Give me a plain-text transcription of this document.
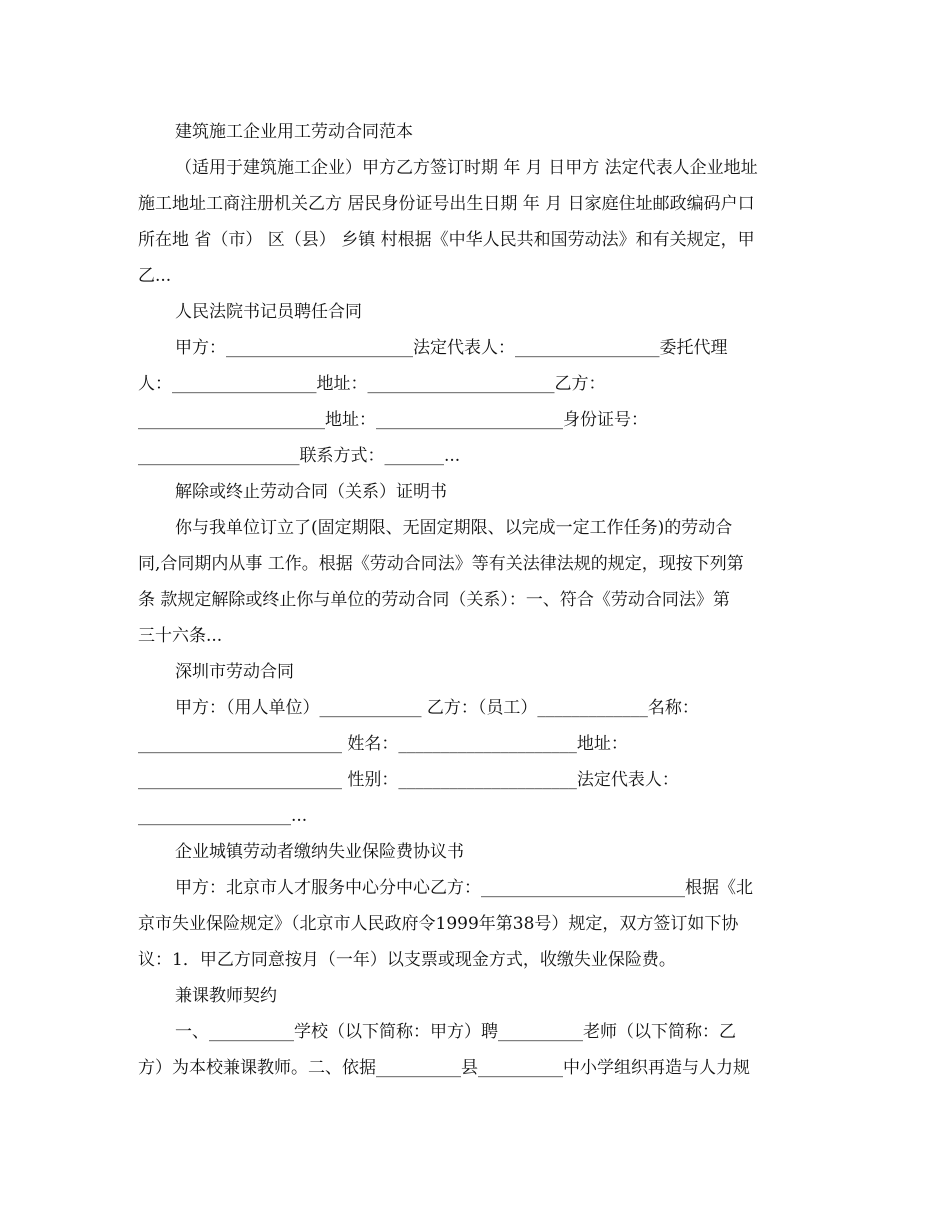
建筑施工企业用工劳动合同范本

（适用于建筑施工企业）甲方乙方签订时期 年 月 日甲方 法定代表人企业地址
施工地址工商注册机关乙方 居民身份证号出生日期 年 月 日家庭住址邮政编码户口
所在地 省（市） 区（县） 乡镇 村根据《中华人民共和国劳动法》和有关规定，甲
乙...

人民法院书记员聘任合同

甲方：______________________法定代表人：_________________委托代理
人：_________________地址：______________________乙方：
______________________地址：______________________身份证号：
___________________联系方式：_______...

解除或终止劳动合同（关系）证明书

你与我单位订立了(固定期限、无固定期限、以完成一定工作任务)的劳动合
同,合同期内从事 工作。根据《劳动合同法》等有关法律法规的规定，现按下列第
条 款规定解除或终止你与单位的劳动合同（关系）：一、符合《劳动合同法》第
三十六条...

深圳市劳动合同

甲方：（用人单位）____________ 乙方：（员工）_____________名称：
________________________ 姓名：_____________________地址：
________________________ 性别：_____________________法定代表人：
__________________...

企业城镇劳动者缴纳失业保险费协议书

甲方：北京市人才服务中心分中心乙方：________________________根据《北
京市失业保险规定》（北京市人民政府令1999年第38号）规定，双方签订如下协
议：1．甲乙方同意按月（一年）以支票或现金方式，收缴失业保险费。

兼课教师契约

一、__________学校（以下简称：甲方）聘__________老师（以下简称：乙
方）为本校兼课教师。二、依据__________县__________中小学组织再造与人力规
